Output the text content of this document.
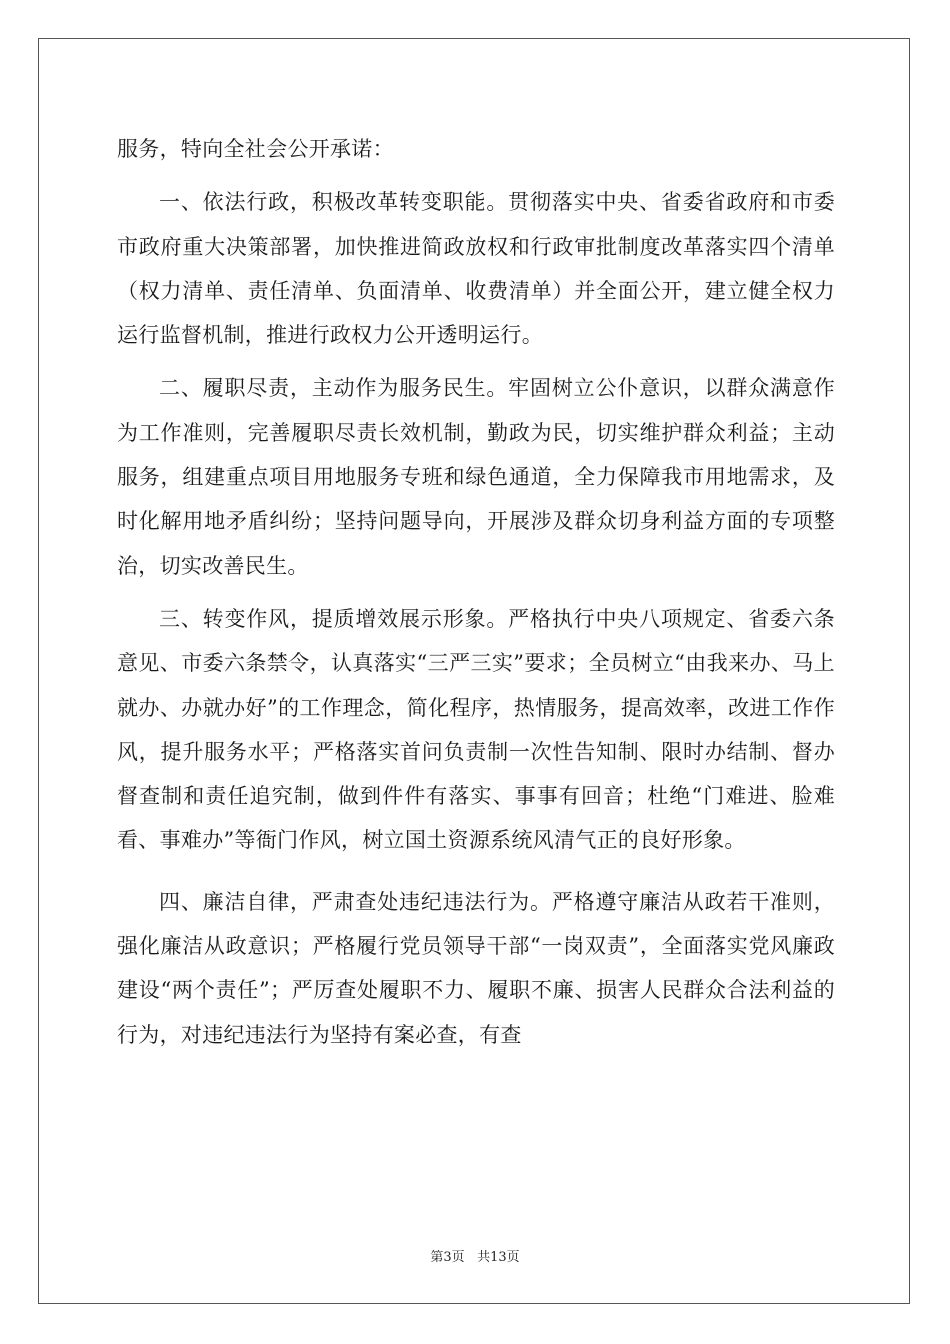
服务，特向全社会公开承诺：

一、依法行政，积极改革转变职能。贯彻落实中央、省委省政府和市委市政府重大决策部署，加快推进简政放权和行政审批制度改革落实四个清单（权力清单、责任清单、负面清单、收费清单）并全面公开，建立健全权力运行监督机制，推进行政权力公开透明运行。

二、履职尽责，主动作为服务民生。牢固树立公仆意识，以群众满意作为工作准则，完善履职尽责长效机制，勤政为民，切实维护群众利益；主动服务，组建重点项目用地服务专班和绿色通道，全力保障我市用地需求，及时化解用地矛盾纠纷；坚持问题导向，开展涉及群众切身利益方面的专项整治，切实改善民生。

三、转变作风，提质增效展示形象。严格执行中央八项规定、省委六条意见、市委六条禁令，认真落实“三严三实”要求；全员树立“由我来办、马上就办、办就办好”的工作理念，简化程序，热情服务，提高效率，改进工作作风，提升服务水平；严格落实首问负责制一次性告知制、限时办结制、督办督查制和责任追究制，做到件件有落实、事事有回音；杜绝“门难进、脸难看、事难办”等衙门作风，树立国土资源系统风清气正的良好形象。

四、廉洁自律，严肃查处违纪违法行为。严格遵守廉洁从政若干准则，强化廉洁从政意识；严格履行党员领导干部“一岗双责”，全面落实党风廉政建设“两个责任”；严厉查处履职不力、履职不廉、损害人民群众合法利益的行为，对违纪违法行为坚持有案必查，有查

第3页 共13页
